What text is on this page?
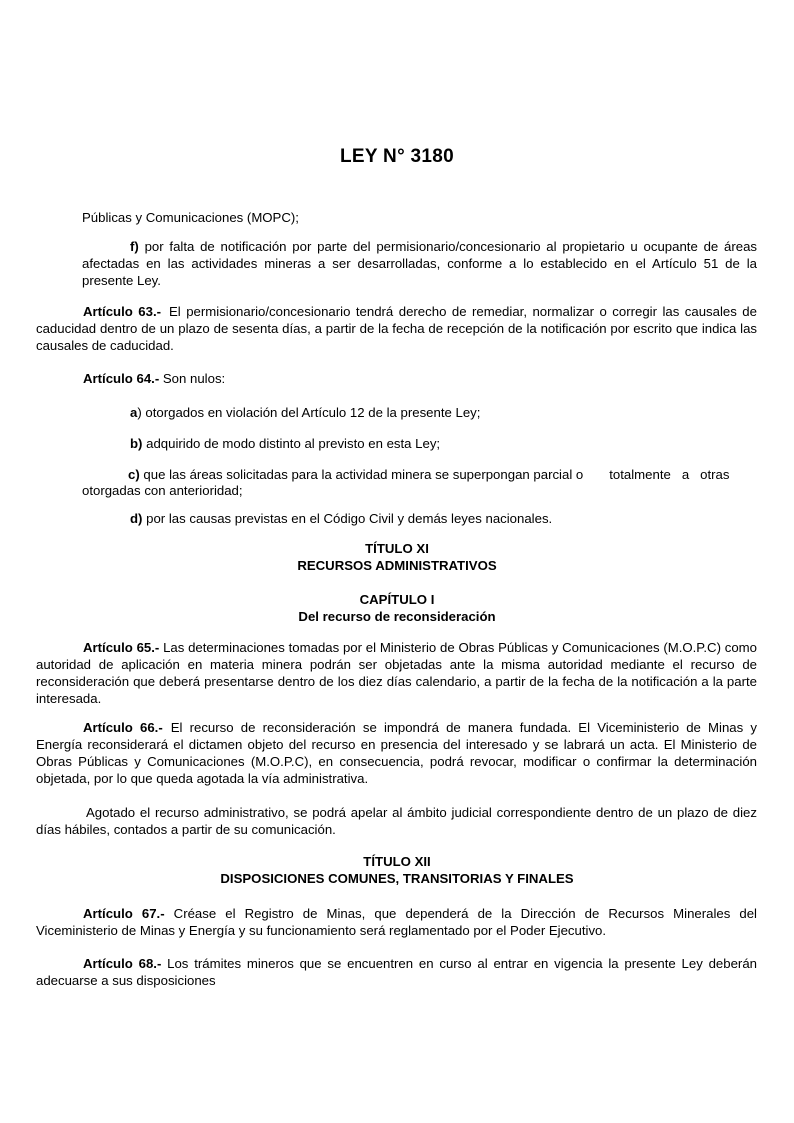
LEY N° 3180

Públicas y Comunicaciones (MOPC);

f) por falta de notificación por parte del permisionario/concesionario al propietario u ocupante de áreas afectadas en las actividades mineras a ser desarrolladas, conforme a lo establecido en el Artículo 51 de la presente Ley.

Artículo 63.- El permisionario/concesionario tendrá derecho de remediar, normalizar o corregir las causales de caducidad dentro de un plazo de sesenta días, a partir de la fecha de recepción de la notificación por escrito que indica las causales de caducidad.

Artículo 64.- Son nulos:

a) otorgados en violación del Artículo 12 de la presente Ley;

b) adquirido de modo distinto al previsto en esta Ley;

c) que las áreas solicitadas para la actividad minera se superpongan parcial o totalmente   a   otras

otorgadas con anterioridad;

d) por las causas previstas en el Código Civil y demás leyes nacionales.

TÍTULO XI
RECURSOS ADMINISTRATIVOS
CAPÍTULO I
Del recurso de reconsideración

Artículo 65.- Las determinaciones tomadas por el Ministerio de Obras Públicas y Comunicaciones (M.O.P.C) como autoridad de aplicación en materia minera podrán ser objetadas ante la misma autoridad mediante el recurso de reconsideración que deberá presentarse dentro de los diez días calendario, a partir de la fecha de la notificación a la parte interesada.

Artículo 66.- El recurso de reconsideración se impondrá de manera fundada. El Viceministerio de Minas y Energía reconsiderará el dictamen objeto del recurso en presencia del interesado y se labrará un acta. El Ministerio de Obras Públicas y Comunicaciones (M.O.P.C), en consecuencia, podrá revocar, modificar o confirmar la determinación objetada, por lo que queda agotada la vía administrativa.

Agotado el recurso administrativo, se podrá apelar al ámbito judicial correspondiente dentro de un plazo de diez días hábiles, contados a partir de su comunicación.

TÍTULO XII
DISPOSICIONES COMUNES, TRANSITORIAS Y FINALES

Artículo 67.- Créase el Registro de Minas, que dependerá de la Dirección de Recursos Minerales del Viceministerio de Minas y Energía y su funcionamiento será reglamentado por el Poder Ejecutivo.

Artículo 68.- Los trámites mineros que se encuentren en curso al entrar en vigencia la presente Ley deberán adecuarse a sus disposiciones
